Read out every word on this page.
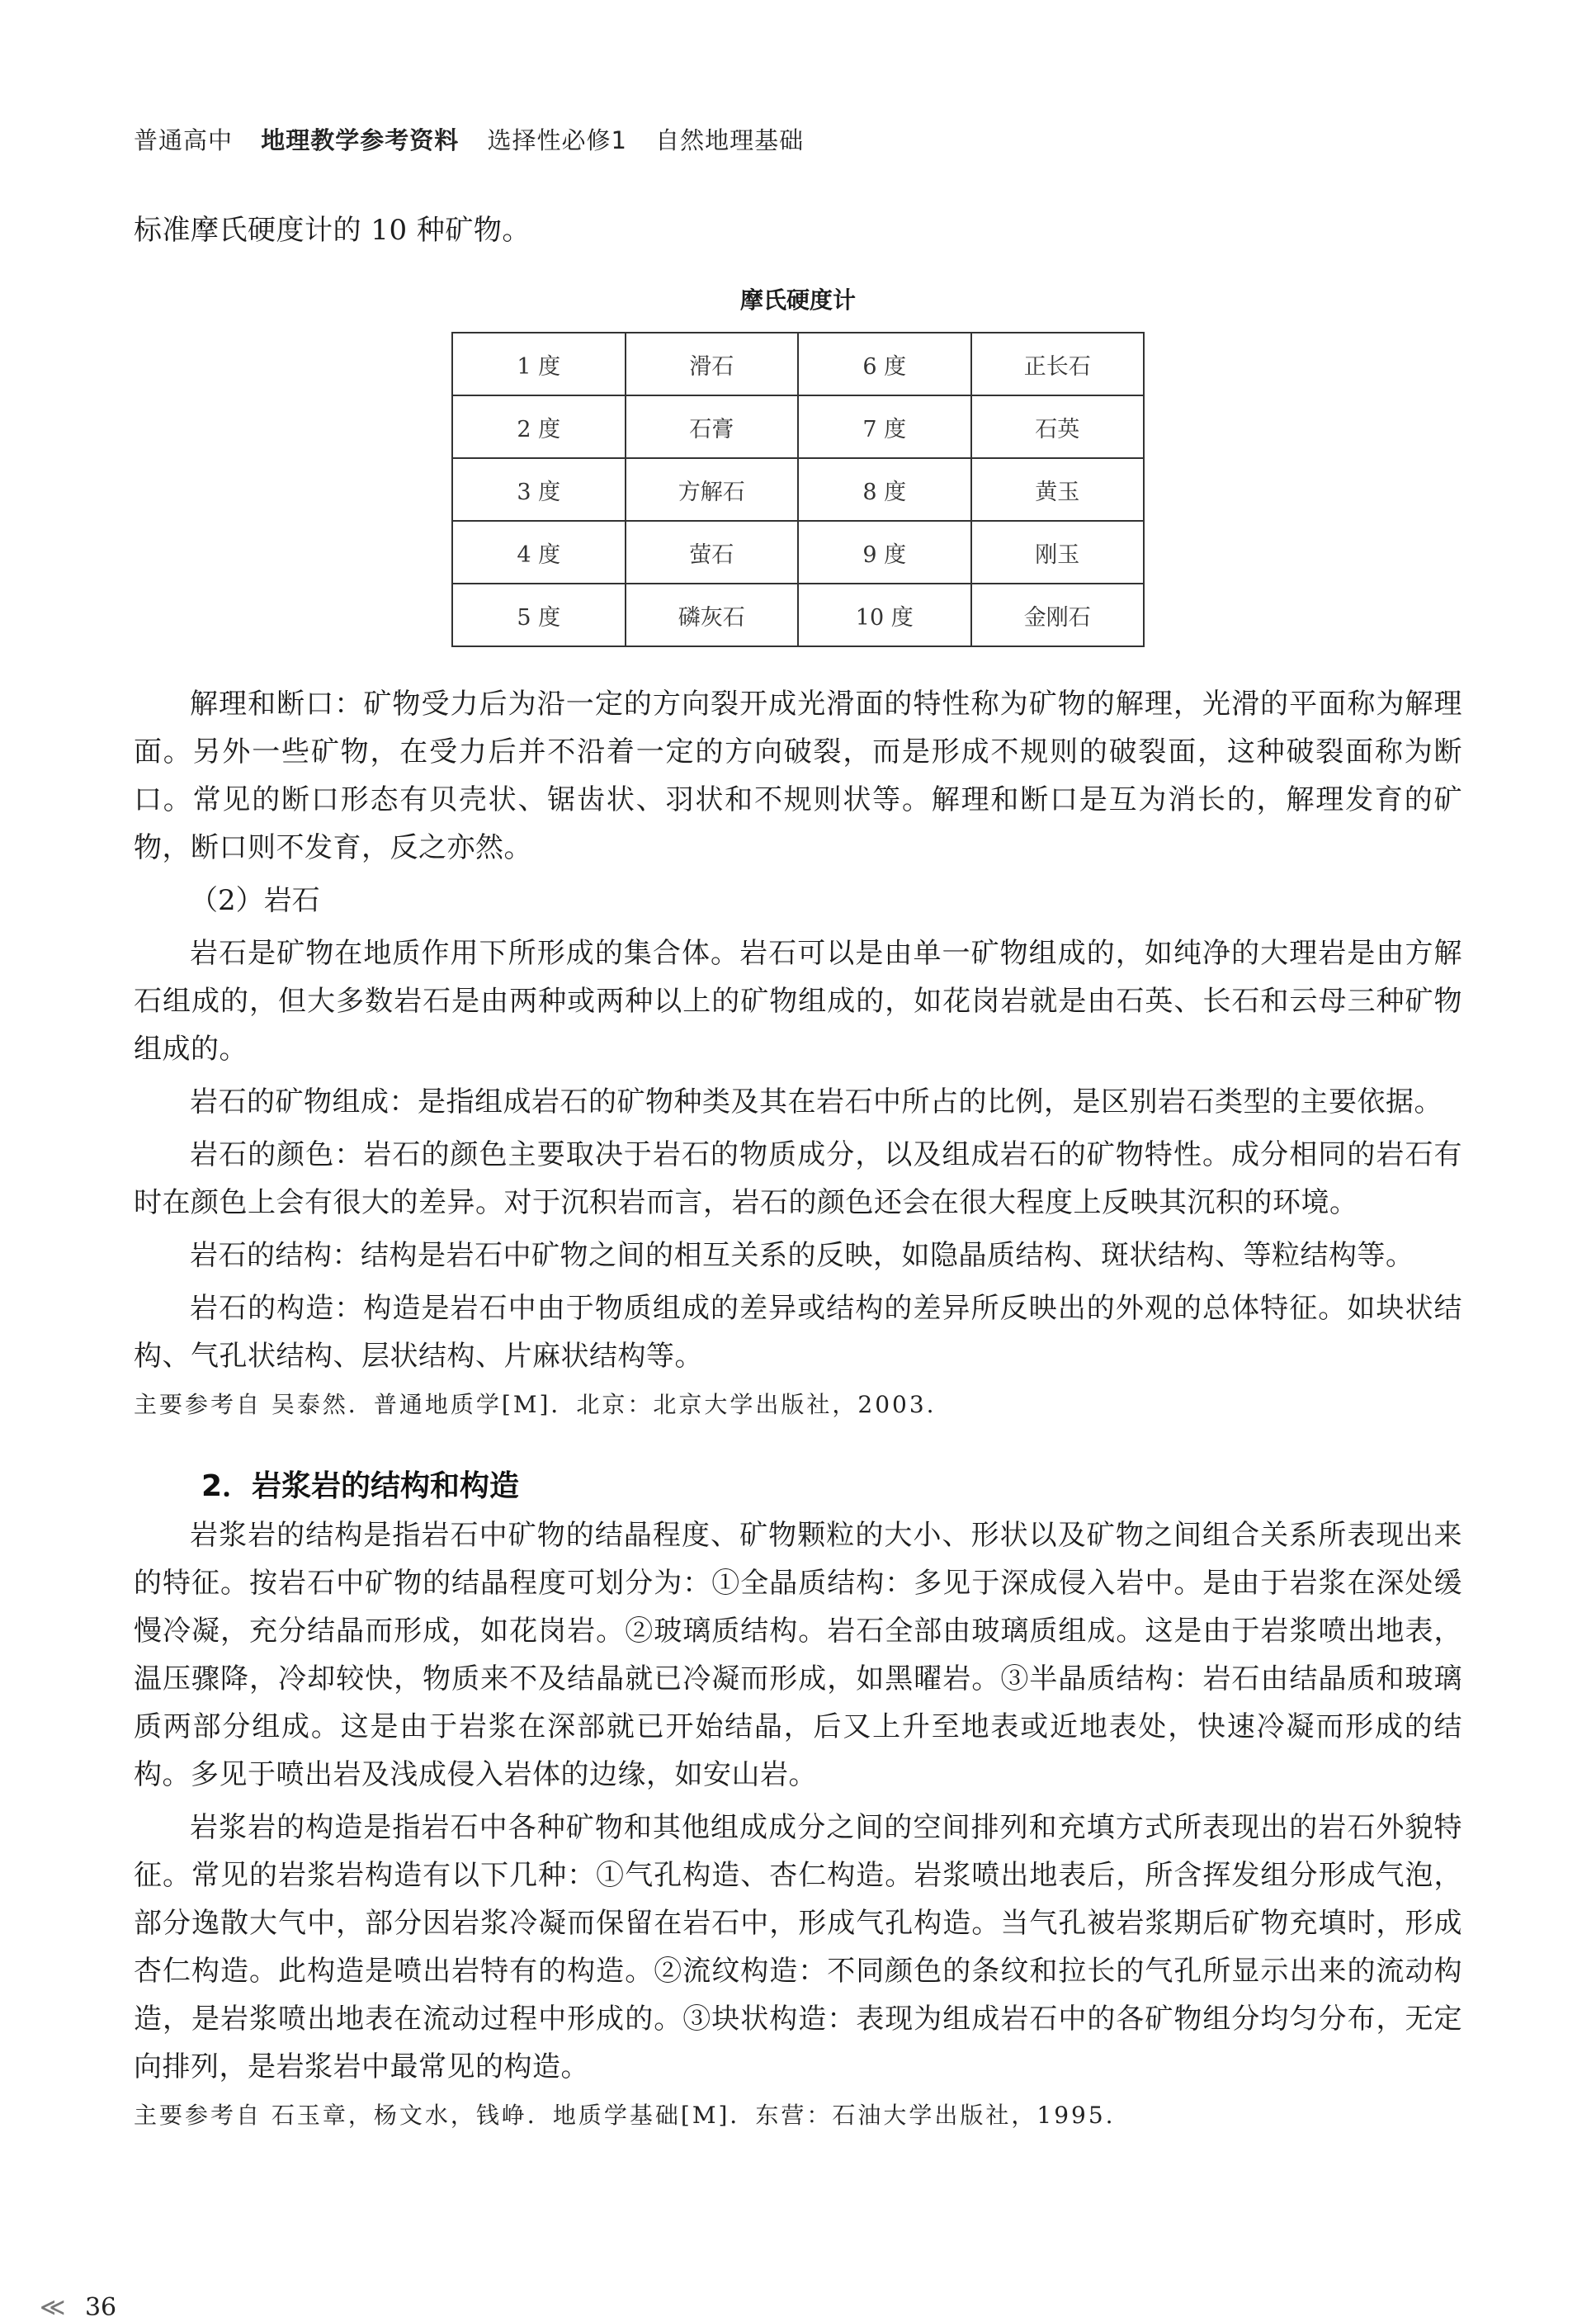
普通高中 地理教学参考资料 选择性必修1 自然地理基础

标准摩氏硬度计的 10 种矿物。

摩氏硬度计
1 度	滑石	6 度	正长石
2 度	石膏	7 度	石英
3 度	方解石	8 度	黄玉
4 度	萤石	9 度	刚玉
5 度	磷灰石	10 度	金刚石

解理和断口：矿物受力后为沿一定的方向裂开成光滑面的特性称为矿物的解理，光滑的平面称为解理面。另外一些矿物，在受力后并不沿着一定的方向破裂，而是形成不规则的破裂面，这种破裂面称为断口。常见的断口形态有贝壳状、锯齿状、羽状和不规则状等。解理和断口是互为消长的，解理发育的矿物，断口则不发育，反之亦然。

（2）岩石

岩石是矿物在地质作用下所形成的集合体。岩石可以是由单一矿物组成的，如纯净的大理岩是由方解石组成的，但大多数岩石是由两种或两种以上的矿物组成的，如花岗岩就是由石英、长石和云母三种矿物组成的。

岩石的矿物组成：是指组成岩石的矿物种类及其在岩石中所占的比例，是区别岩石类型的主要依据。

岩石的颜色：岩石的颜色主要取决于岩石的物质成分，以及组成岩石的矿物特性。成分相同的岩石有时在颜色上会有很大的差异。对于沉积岩而言，岩石的颜色还会在很大程度上反映其沉积的环境。

岩石的结构：结构是岩石中矿物之间的相互关系的反映，如隐晶质结构、斑状结构、等粒结构等。

岩石的构造：构造是岩石中由于物质组成的差异或结构的差异所反映出的外观的总体特征。如块状结构、气孔状结构、层状结构、片麻状结构等。

主要参考自 吴泰然．普通地质学[M]．北京：北京大学出版社，2003.
2．岩浆岩的结构和构造

岩浆岩的结构是指岩石中矿物的结晶程度、矿物颗粒的大小、形状以及矿物之间组合关系所表现出来的特征。按岩石中矿物的结晶程度可划分为：①全晶质结构：多见于深成侵入岩中。是由于岩浆在深处缓慢冷凝，充分结晶而形成，如花岗岩。②玻璃质结构。岩石全部由玻璃质组成。这是由于岩浆喷出地表，温压骤降，冷却较快，物质来不及结晶就已冷凝而形成，如黑曜岩。③半晶质结构：岩石由结晶质和玻璃质两部分组成。这是由于岩浆在深部就已开始结晶，后又上升至地表或近地表处，快速冷凝而形成的结构。多见于喷出岩及浅成侵入岩体的边缘，如安山岩。

岩浆岩的构造是指岩石中各种矿物和其他组成成分之间的空间排列和充填方式所表现出的岩石外貌特征。常见的岩浆岩构造有以下几种：①气孔构造、杏仁构造。岩浆喷出地表后，所含挥发组分形成气泡，部分逸散大气中，部分因岩浆冷凝而保留在岩石中，形成气孔构造。当气孔被岩浆期后矿物充填时，形成杏仁构造。此构造是喷出岩特有的构造。②流纹构造：不同颜色的条纹和拉长的气孔所显示出来的流动构造，是岩浆喷出地表在流动过程中形成的。③块状构造：表现为组成岩石中的各矿物组分均匀分布，无定向排列，是岩浆岩中最常见的构造。

主要参考自 石玉章，杨文水，钱峥．地质学基础[M]．东营：石油大学出版社，1995.
≪ 36
